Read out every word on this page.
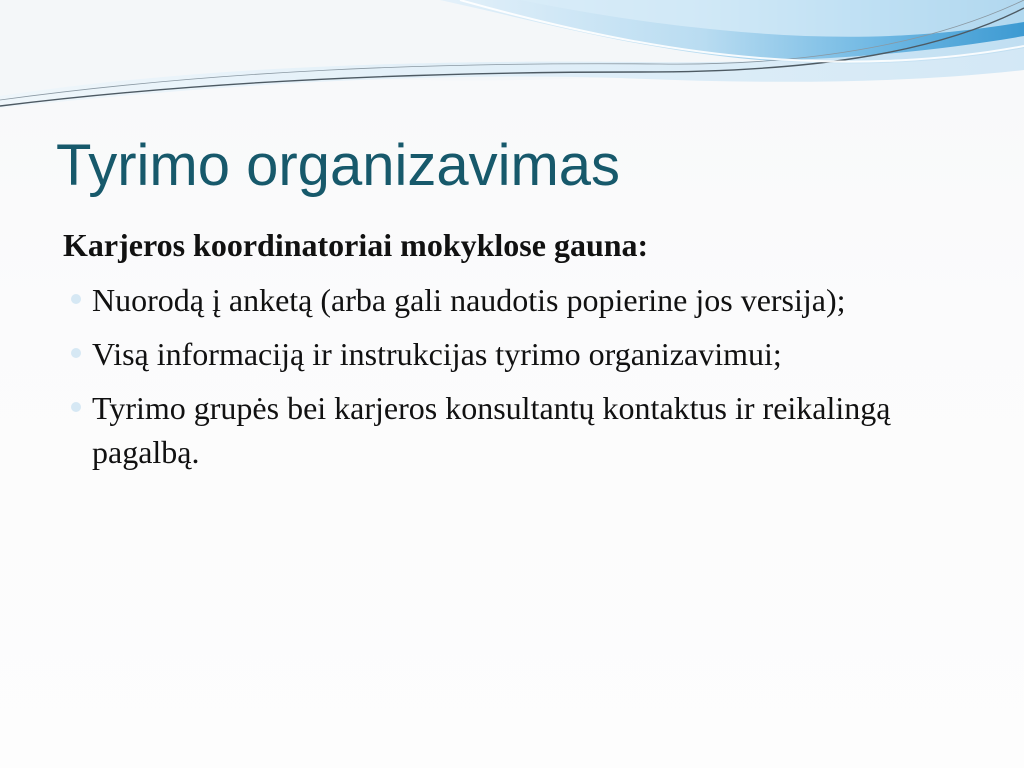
Tyrimo organizavimas

Karjeros koordinatoriai mokyklose gauna:

Nuorodą į anketą (arba gali naudotis popierine jos versija);
Visą informaciją ir instrukcijas tyrimo organizavimui;
Tyrimo grupės bei karjeros konsultantų kontaktus ir reikalingą pagalbą.
